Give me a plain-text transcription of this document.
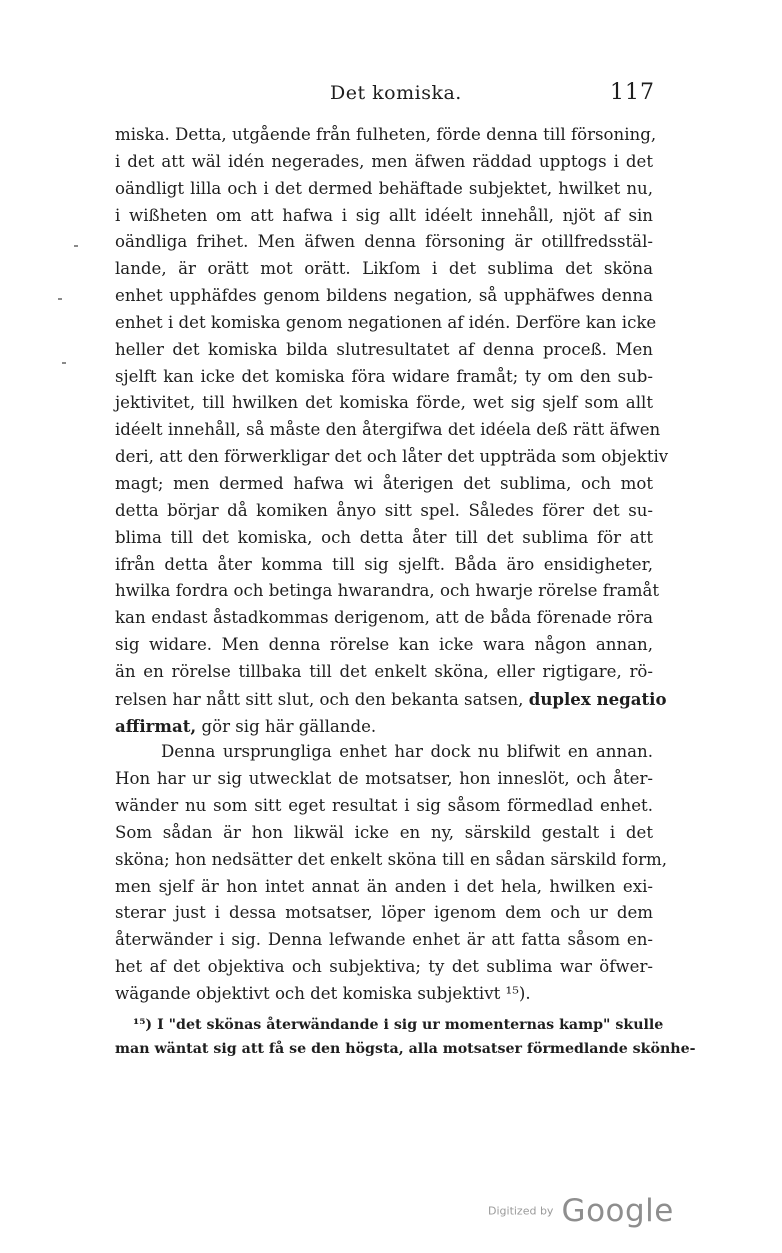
Det komiska.	117
miska. Detta, utgående från fulheten, förde denna till försoning,
i det att wäl idén negerades, men äfwen räddad upptogs i det
oändligt lilla och i det dermed behäftade subjektet, hwilket nu,
i wißheten om att hafwa i sig allt idéelt innehåll, njöt af sin
oändliga frihet. Men äfwen denna försoning är otillfredsstäl-
lande, är orätt mot orätt. Likſom i det sublima det sköna
enhet upphäfdes genom bildens negation, så upphäfwes denna
enhet i det komiska genom negationen af idén. Derföre kan icke
heller det komiska bilda slutresultatet af denna proceß. Men
sjelft kan icke det komiska föra widare framåt; ty om den sub-
jektivitet, till hwilken det komiska förde, wet sig sjelf som allt
idéelt innehåll, så måste den återgifwa det idéela deß rätt äfwen
deri, att den förwerkligar det och låter det uppträda som objektiv
magt; men dermed hafwa wi återigen det sublima, och mot
detta börjar då komiken ånyo sitt spel. Således förer det su-
blima till det komiska, och detta åter till det sublima för att
ifrån detta åter komma till sig sjelft. Båda äro ensidigheter,
hwilka fordra och betinga hwarandra, och hwarje rörelse framåt
kan endast åstadkommas derigenom, att de båda förenade röra
sig widare. Men denna rörelse kan icke wara någon annan,
än en rörelse tillbaka till det enkelt sköna, eller rigtigare, rö-
relsen har nått sitt slut, och den bekanta satsen, duplex negatio
affirmat, gör sig här gällande.
Denna ursprungliga enhet har dock nu blifwit en annan.
Hon har ur sig utwecklat de motsatser, hon inneslöt, och åter-
wänder nu som sitt eget resultat i sig såsom förmedlad enhet.
Som sådan är hon likwäl icke en ny, särskild gestalt i det
sköna; hon nedsätter det enkelt sköna till en sådan särskild form,
men sjelf är hon intet annat än anden i det hela, hwilken exi-
sterar just i dessa motsatser, löper igenom dem och ur dem
återwänder i sig. Denna lefwande enhet är att fatta såsom en-
het af det objektiva och subjektiva; ty det sublima war öfwer-
wägande objektivt och det komiska subjektivt ¹⁵).
¹⁵) I "det skönas återwändande i sig ur momenternas kamp" skulle
man wäntat sig att få se den högsta, alla motsatser förmedlande skönhe-
Digitized by Google
